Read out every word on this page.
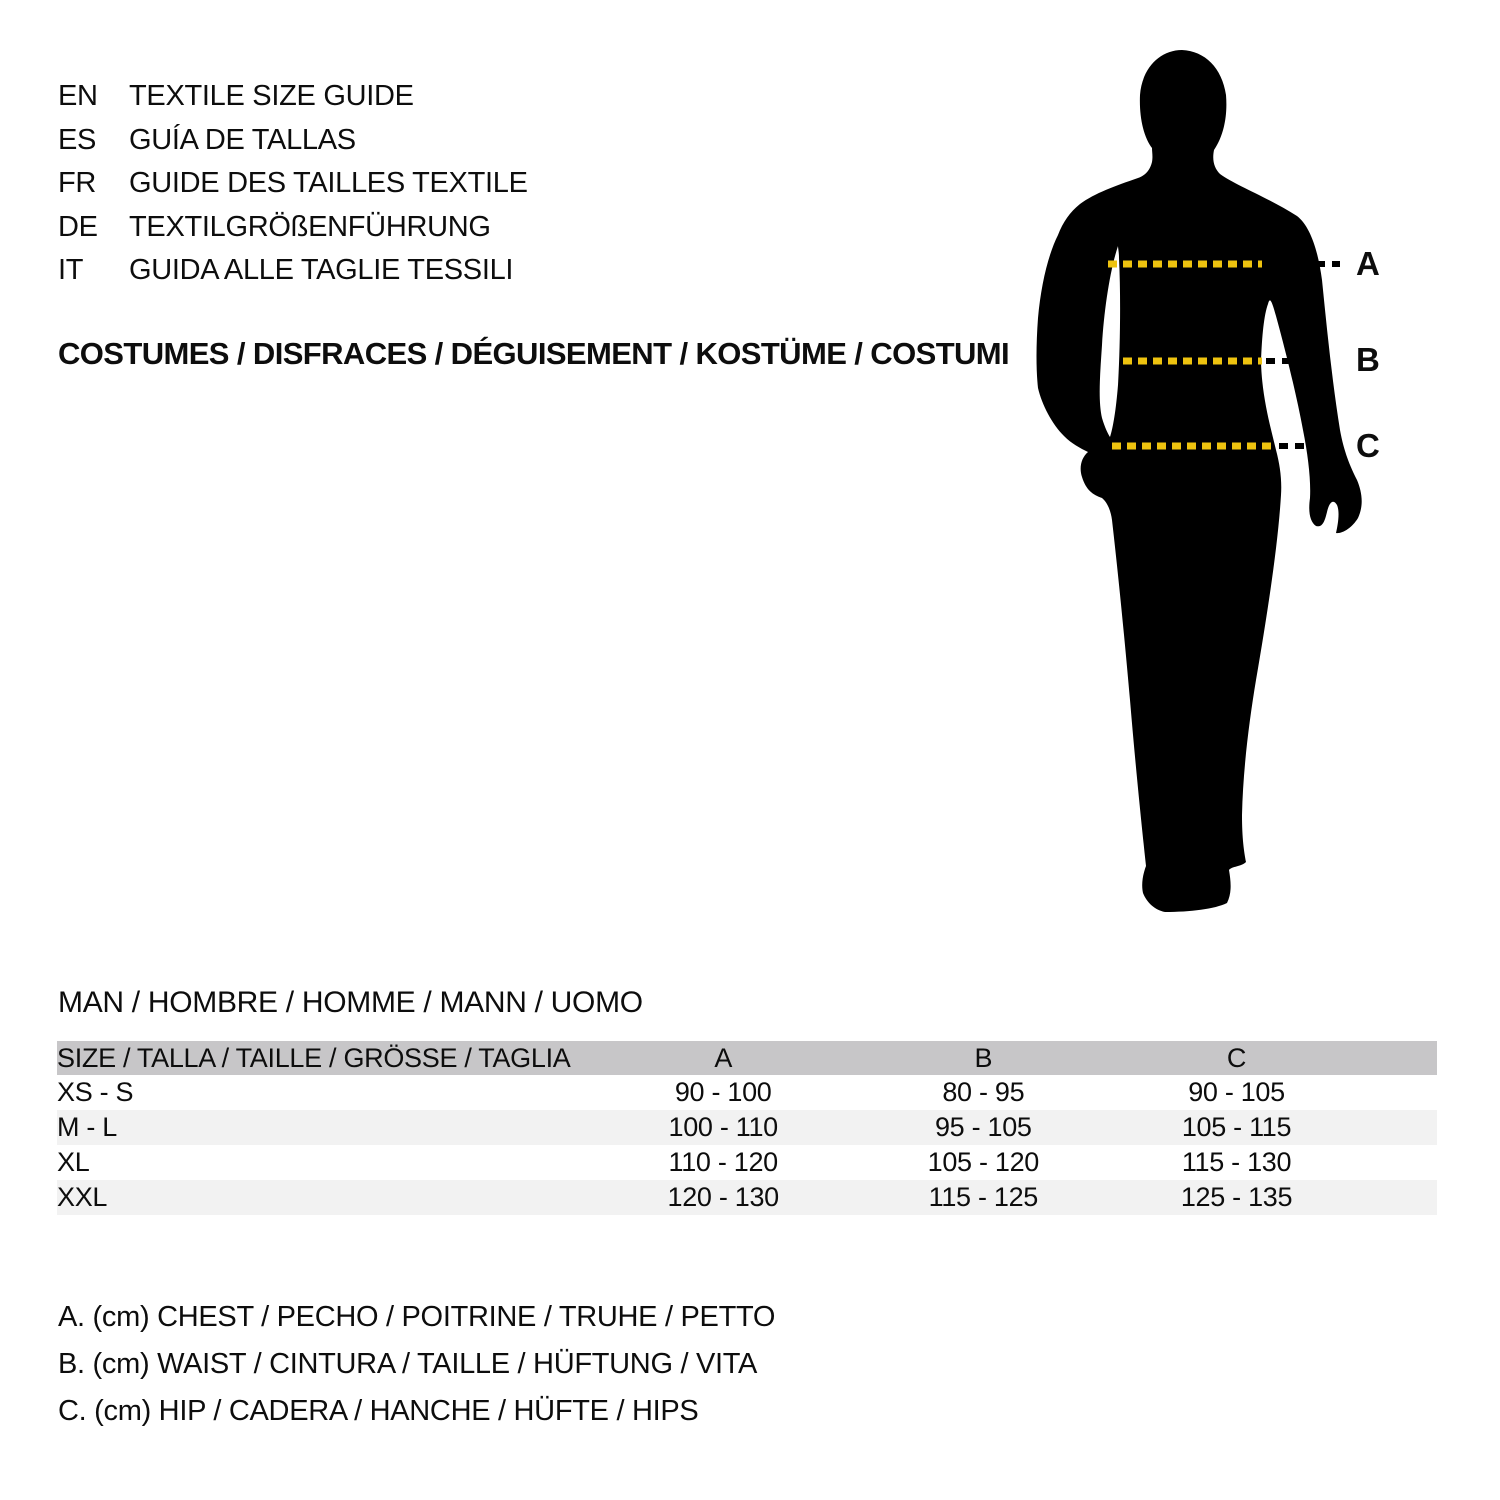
EN	TEXTILE SIZE GUIDE
ES	GUÍA DE TALLAS
FR	GUIDE DES TAILLES TEXTILE
DE	TEXTILGRÖßENFÜHRUNG
IT	GUIDA ALLE TAGLIE TESSILI
COSTUMES / DISFRACES / DÉGUISEMENT / KOSTÜME / COSTUMI
A
B
C
MAN / HOMBRE / HOMME / MANN / UOMO
SIZE / TALLA / TAILLE / GRÖSSE / TAGLIA	A	B	C	
XS - S	90 - 100	80 - 95	90 - 105	
M - L	100 - 110	95 - 105	105 - 115	
XL	110 - 120	105 - 120	115 - 130	
XXL	120 - 130	115 - 125	125 - 135	
A. (cm) CHEST / PECHO / POITRINE / TRUHE / PETTO
B. (cm) WAIST / CINTURA / TAILLE / HÜFTUNG / VITA
C. (cm) HIP / CADERA / HANCHE / HÜFTE / HIPS
